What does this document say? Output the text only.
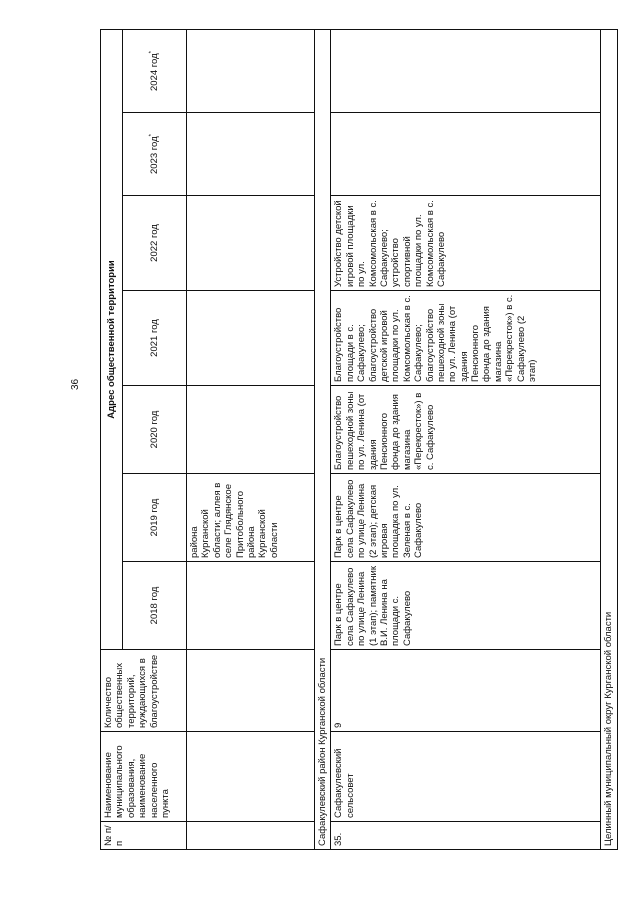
36
№ п/п	Наименование муниципального образования, наименование населенного пункта	Количество общественных территорий, нуждающихся в благоустройстве	Адрес общественной территории						
			2018 год	2019 год	2020 год	2021 год	2022 год	2023 год*	2024 год*
				района Курганской области; аллея в селе Глядянское Притобольного района Курганской области					
Сафакулевский район Курганской области									
35.	Сафакулевский сельсовет	9	Парк в центре села Сафакулево по улице Ленина (1 этап); памятник В.И. Ленина на площади с. Сафакулево	Парк в центре села Сафакулево по улице Ленина (2 этап); детская игровая площадка по ул. Зеленая в с. Сафакулево	Благоустройство пешеходной зоны по ул. Ленина (от здания Пенсионного фонда до здания магазина «Перекресток») в с. Сафакулево	Благоустройство площади в с. Сафакулево; благоустройство детской игровой площадки по ул. Комсомольская в с. Сафакулево; благоустройство пешеходной зоны по ул. Ленина (от здания Пенсионного фонда до здания магазина «Перекресток») в с. Сафакулево (2 этап)	Устройство детской игровой площадки по ул. Комсомольская в с. Сафакулево; устройство спортивной площадки по ул. Комсомольская в с. Сафакулево		
Целинный муниципальный округ Курганской области									
